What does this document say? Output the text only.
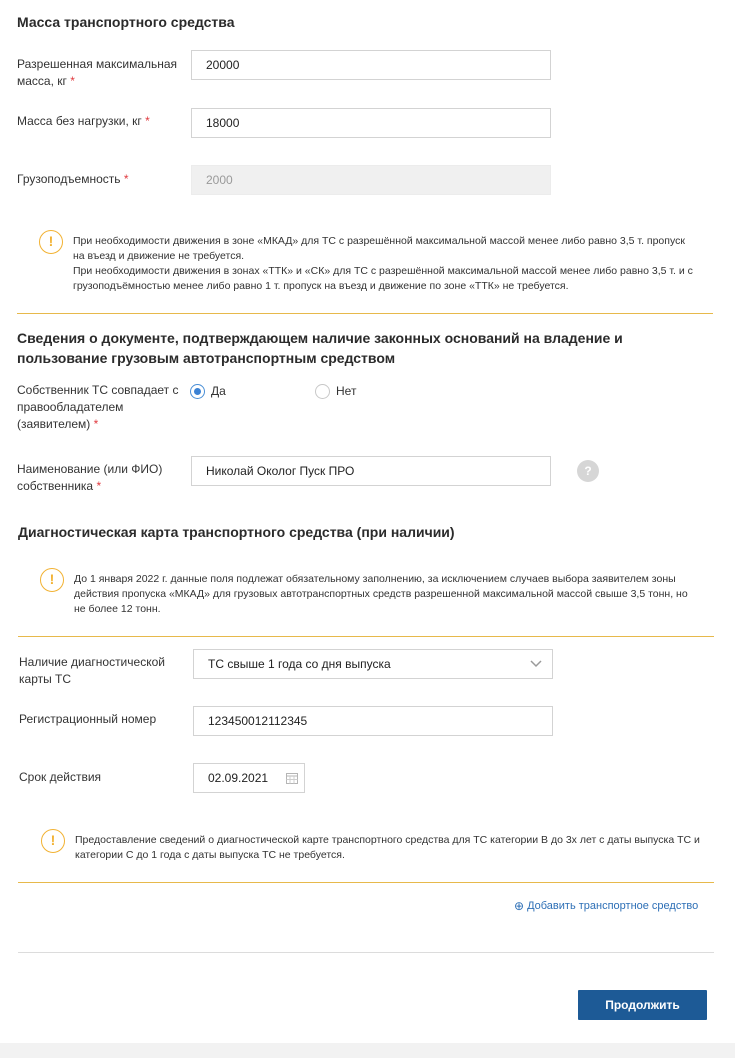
Масса транспортного средства
Разрешенная максимальная масса, кг *
20000
Масса без нагрузки, кг *	18000
Грузоподъемность *	2000
!	При необходимости движения в зоне «МКАД» для ТС с разрешённой максимальной массой менее либо равно 3,5 т. пропуск на въезд и движение не требуется.
При необходимости движения в зонах «ТТК» и «СК» для ТС с разрешённой максимальной массой менее либо равно 3,5 т. и с грузоподъёмностью менее либо равно 1 т. пропуск на въезд и движение по зоне «ТТК» не требуется.
Сведения о документе, подтверждающем наличие законных оснований на владение и пользование грузовым автотранспортным средством
Собственник ТС совпадает с правообладателем (заявителем) *
Да	Нет
Наименование (или ФИО) собственника *
Николай Околог Пуск ПРО	?
Диагностическая карта транспортного средства (при наличии)
!	До 1 января 2022 г. данные поля подлежат обязательному заполнению, за исключением случаев выбора заявителем зоны действия пропуска «МКАД» для грузовых автотранспортных средств разрешенной максимальной массой свыше 3,5 тонн, но не более 12 тонн.
Наличие диагностической карты ТС
ТС свыше 1 года со дня выпуска
Регистрационный номер	123450012112345
Срок действия	02.09.2021
!	Предоставление сведений о диагностической карте транспортного средства для ТС категории В до 3х лет с даты выпуска ТС и категории С до 1 года с даты выпуска ТС не требуется.
⊕ Добавить транспортное средство
Продолжить
